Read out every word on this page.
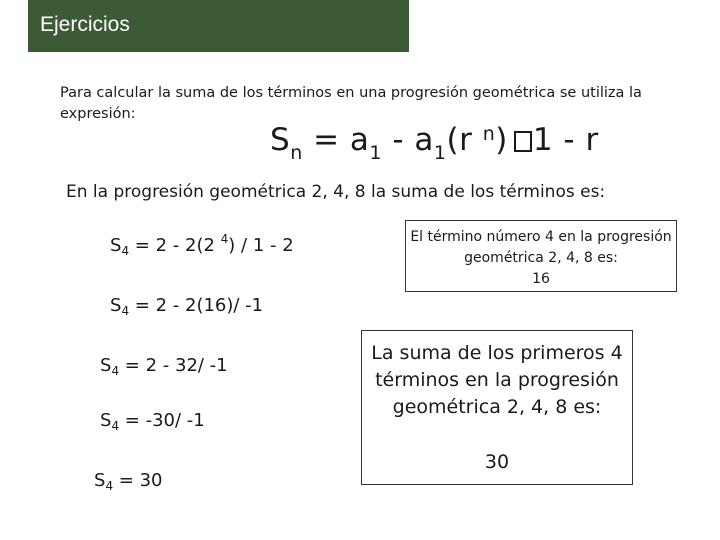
Ejercicios
Para calcular la suma de los términos en una progresión geométrica se utiliza la expresión:
$S_n = a_1 - a_1(r$ $^n$) 1 - r
En la progresión geométrica 2, 4, 8 la suma de los términos es:
$S_4 = 2 - 2(2$ $^4$) / 1 - 2
$S_4 = 2 - 2(16)/$ -1
$S_4 = 2 - 32/$ -1
$S_4 = -30/$ -1
$S_4 = 30$
El término número 4 en la progresión geométrica 2, 4, 8 es:
16
La suma de los primeros 4 términos en la progresión geométrica 2, 4, 8 es:
30
